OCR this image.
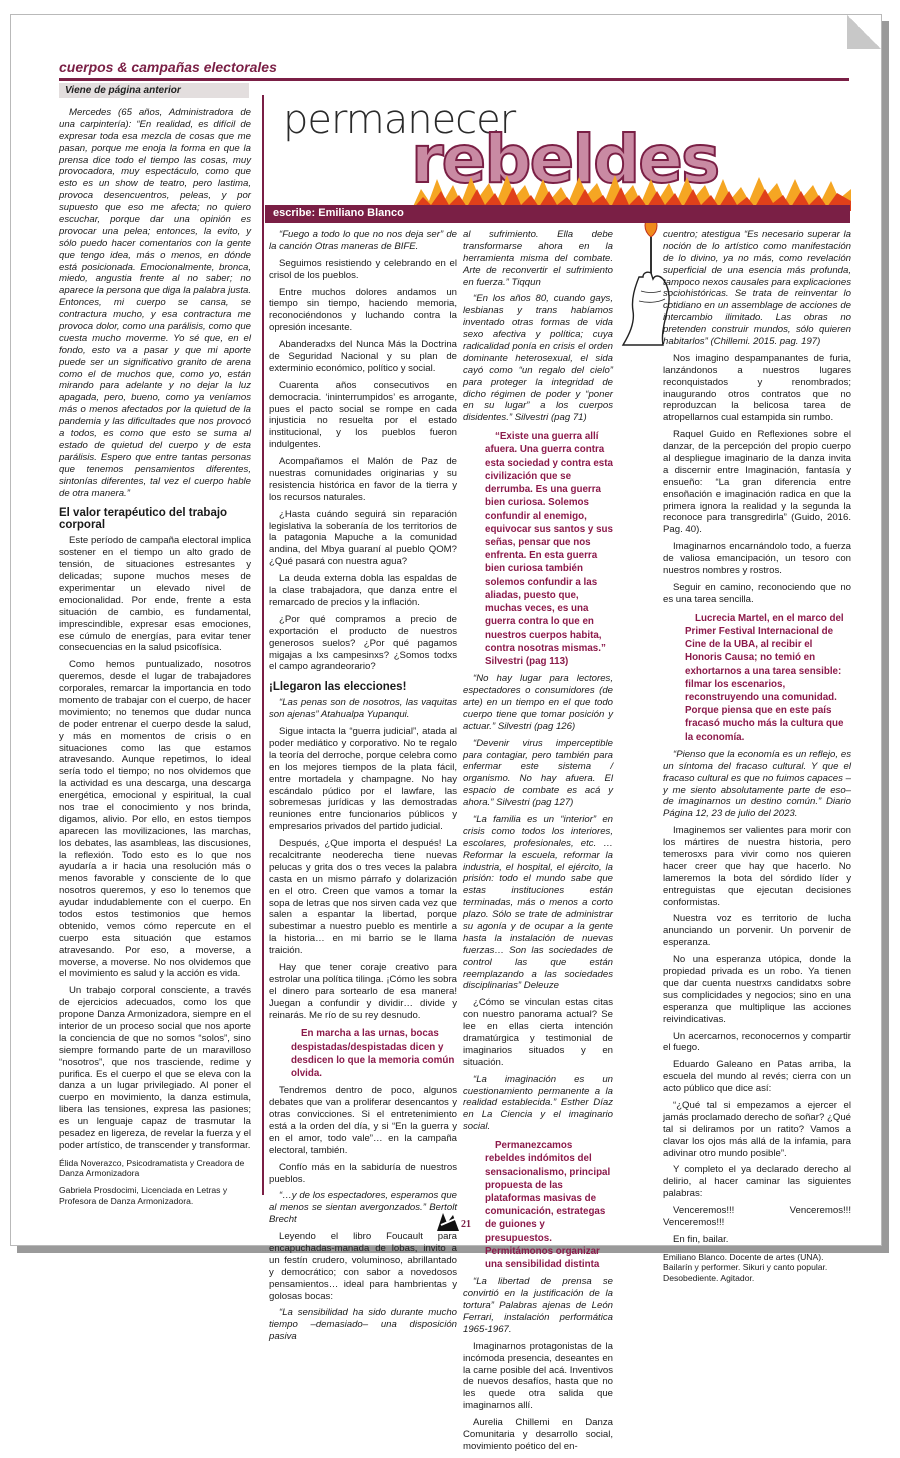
cuerpos & campañas electorales
Viene de página anterior
permanecer
rebeldes
escribe: Emiliano Blanco

Mercedes (65 años, Administradora de una carpintería): “En realidad, es difícil de expresar toda esa mezcla de cosas que me pasan, porque me enoja la forma en que la prensa dice todo el tiempo las cosas, muy provocadora, muy espectáculo, como que esto es un show de teatro, pero lastima, provoca desencuentros, peleas, y por supuesto que eso me afecta; no quiero escuchar, porque dar una opinión es provocar una pelea; entonces, la evito, y sólo puedo hacer comentarios con la gente que tengo idea, más o menos, en dónde está posicionada. Emocionalmente, bronca, miedo, angustia frente al no saber; no aparece la persona que diga la palabra justa. Entonces, mi cuerpo se cansa, se contractura mucho, y esa contractura me provoca dolor, como una parálisis, como que cuesta mucho moverme. Yo sé que, en el fondo, esto va a pasar y que mi aporte puede ser un significativo granito de arena como el de muchos que, como yo, están mirando para adelante y no dejar la luz apagada, pero, bueno, como ya veníamos más o menos afectados por la quietud de la pandemia y las dificultades que nos provocó a todos, es como que esto se suma al estado de quietud del cuerpo y de esta parálisis. Espero que entre tantas personas que tenemos pensamientos diferentes, sintonías diferentes, tal vez el cuerpo hable de otra manera.”

El valor terapéutico del trabajo corporal

Este período de campaña electoral implica sostener en el tiempo un alto grado de tensión, de situaciones estresantes y delicadas; supone muchos meses de experimentar un elevado nivel de emocionalidad. Por ende, frente a esta situación de cambio, es fundamental, imprescindible, expresar esas emociones, ese cúmulo de energías, para evitar tener consecuencias en la salud psicofísica.

Como hemos puntualizado, nosotros queremos, desde el lugar de trabajadores corporales, remarcar la importancia en todo momento de trabajar con el cuerpo, de hacer movimiento; no tenemos que dudar nunca de poder entrenar el cuerpo desde la salud, y más en momentos de crisis o en situaciones como las que estamos atravesando. Aunque repetimos, lo ideal sería todo el tiempo; no nos olvidemos que la actividad es una descarga, una descarga energética, emocional y espiritual, la cual nos trae el conocimiento y nos brinda, digamos, alivio. Por ello, en estos tiempos aparecen las movilizaciones, las marchas, los debates, las asambleas, las discusiones, la reflexión. Todo esto es lo que nos ayudaría a ir hacia una resolución más o menos favorable y consciente de lo que nosotros queremos, y eso lo tenemos que ayudar indudablemente con el cuerpo. En todos estos testimonios que hemos obtenido, vemos cómo repercute en el cuerpo esta situación que estamos atravesando. Por eso, a moverse, a moverse, a moverse. No nos olvidemos que el movimiento es salud y la acción es vida.

Un trabajo corporal consciente, a través de ejercicios adecuados, como los que propone Danza Armonizadora, siempre en el interior de un proceso social que nos aporte la conciencia de que no somos “solos”, sino siempre formando parte de un maravilloso “nosotros”, que nos trasciende, redime y purifica. Es el cuerpo el que se eleva con la danza a un lugar privilegiado. Al poner el cuerpo en movimiento, la danza estimula, libera las tensiones, expresa las pasiones; es un lenguaje capaz de trasmutar la pesadez en ligereza, de revelar la fuerza y el poder artístico, de transcender y transformar.

Élida Noverazco, Psicodramatista y Creadora de Danza Armonizadora

Gabriela Prosdocimi, Licenciada en Letras y Profesora de Danza Armonizadora.

“Fuego a todo lo que no nos deja ser” de la canción Otras maneras de BIFE.

Seguimos resistiendo y celebrando en el crisol de los pueblos.

Entre muchos dolores andamos un tiempo sin tiempo, haciendo memoria, reconociéndonos y luchando contra la opresión incesante.

Abanderadxs del Nunca Más la Doctrina de Seguridad Nacional y su plan de exterminio económico, político y social.

Cuarenta años consecutivos en democracia. ‘ininterrumpidos’ es arrogante, pues el pacto social se rompe en cada injusticia no resuelta por el estado institucional, y los pueblos fueron indulgentes.

Acompañamos el Malón de Paz de nuestras comunidades originarias y su resistencia histórica en favor de la tierra y los recursos naturales.

¿Hasta cuándo seguirá sin reparación legislativa la soberanía de los territorios de la patagonia Mapuche a la comunidad andina, del Mbya guaraní al pueblo QOM? ¿Qué pasará con nuestra agua?

La deuda externa dobla las espaldas de la clase trabajadora, que danza entre el remarcado de precios y la inflación.

¿Por qué compramos a precio de exportación el producto de nuestros generosos suelos? ¿Por qué pagamos migajas a lxs campesinxs? ¿Somos todxs el campo agrandeorario?

¡Llegaron las elecciones!

“Las penas son de nosotros, las vaquitas son ajenas” Atahualpa Yupanqui.

Sigue intacta la “guerra judicial”, atada al poder mediático y corporativo. No te regalo la teoría del derroche, porque celebra como en los mejores tiempos de la plata fácil, entre mortadela y champagne. No hay escándalo púdico por el lawfare, las sobremesas jurídicas y las demostradas reuniones entre funcionarios públicos y empresarios privados del partido judicial.

Después, ¿Que importa el después! La recalcitrante neoderecha tiene nuevas pelucas y grita dos o tres veces la palabra casta en un mismo párrafo y dolarización en el otro. Creen que vamos a tomar la sopa de letras que nos sirven cada vez que salen a espantar la libertad, porque subestimar a nuestro pueblo es mentirle a la historia… en mi barrio se le llama traición.

Hay que tener coraje creativo para estrolar una política tilinga. ¡Cómo les sobra el dinero para sortearlo de esa manera! Juegan a confundir y dividir… divide y reinarás. Me río de su rey desnudo.

En marcha a las urnas, bocas despistadas/despistadas dicen y desdicen lo que la memoria común olvida.

Tendremos dentro de poco, algunos debates que van a proliferar desencantos y otras convicciones. Si el entretenimiento está a la orden del día, y si “En la guerra y en el amor, todo vale”… en la campaña electoral, también.

Confío más en la sabiduría de nuestros pueblos.

“…y de los espectadores, esperamos que al menos se sientan avergonzados.” Bertolt Brecht

Leyendo el libro Foucault para encapuchadas-manada de lobas, invito a un festín crudero, voluminoso, abrillantado y democrático; con sabor a novedosos pensamientos… ideal para hambrientas y golosas bocas:

“La sensibilidad ha sido durante mucho tiempo –demasiado– una disposición pasiva

al sufrimiento. Ella debe transformarse ahora en la herramienta misma del combate. Arte de reconvertir el sufrimiento en fuerza.” Tiqqun

“En los años 80, cuando gays, lesbianas y trans habíamos inventado otras formas de vida sexo afectiva y política; cuya radicalidad ponía en crisis el orden dominante heterosexual, el sida cayó como “un regalo del cielo” para proteger la integridad de dicho régimen de poder y “poner en su lugar” a los cuerpos disidentes.” Silvestri (pag 71)

“Existe una guerra allí afuera. Una guerra contra esta sociedad y contra esta civilización que se derrumba. Es una guerra bien curiosa. Solemos confundir al enemigo, equivocar sus santos y sus señas, pensar que nos enfrenta. En esta guerra bien curiosa también solemos confundir a las aliadas, puesto que, muchas veces, es una guerra contra lo que en nuestros cuerpos habita, contra nosotras mismas.” Silvestri (pag 113)

“No hay lugar para lectores, espectadores o consumidores (de arte) en un tiempo en el que todo cuerpo tiene que tomar posición y actuar.” Silvestri (pag 126)

“Devenir virus imperceptible para contagiar, pero también para enfermar este sistema / organismo. No hay afuera. El espacio de combate es acá y ahora.” Silvestri (pag 127)

“La familia es un “interior” en crisis como todos los interiores, escolares, profesionales, etc. … Reformar la escuela, reformar la industria, el hospital, el ejército, la prisión: todo el mundo sabe que estas instituciones están terminadas, más o menos a corto plazo. Sólo se trate de administrar su agonía y de ocupar a la gente hasta la instalación de nuevas fuerzas… Son las sociedades de control las que están reemplazando a las sociedades disciplinarias” Deleuze

¿Cómo se vinculan estas citas con nuestro panorama actual? Se lee en ellas cierta intención dramatúrgica y testimonial de imaginarios situados y en situación.

“La imaginación es un cuestionamiento permanente a la realidad establecida.” Esther Díaz en La Ciencia y el imaginario social.

Permanezcamos rebeldes indómitos del sensacionalismo, principal propuesta de las plataformas masivas de comunicación, estrategas de guiones y presupuestos. Permitámonos organizar una sensibilidad distinta

“La libertad de prensa se convirtió en la justificación de la tortura” Palabras ajenas de León Ferrari, instalación performática 1965-1967.

Imaginarnos protagonistas de la incómoda presencia, deseantes en la carne posible del acá. Inventivos de nuevos desafíos, hasta que no les quede otra salida que imaginarnos allí.

Aurelia Chillemi en Danza Comunitaria y desarrollo social, movimiento poético del en-

cuentro; atestigua “Es necesario superar la noción de lo artístico como manifestación de lo divino, ya no más, como revelación superficial de una esencia más profunda, tampoco nexos causales para explicaciones sociohistóricas. Se trata de reinventar lo cotidiano en un assemblage de acciones de intercambio ilimitado. Las obras no pretenden construir mundos, sólo quieren habitarlos” (Chillemi. 2015. pag. 197)

Nos imagino despampanantes de furia, lanzándonos a nuestros lugares reconquistados y renombrados; inaugurando otros contratos que no reproduzcan la belicosa tarea de atropellarnos cual estampida sin rumbo.

Raquel Guido en Reflexiones sobre el danzar, de la percepción del propio cuerpo al despliegue imaginario de la danza invita a discernir entre Imaginación, fantasía y ensueño: “La gran diferencia entre ensoñación e imaginación radica en que la primera ignora la realidad y la segunda la reconoce para transgredirla” (Guido, 2016. Pag. 40).

Imaginarnos encarnándolo todo, a fuerza de valiosa emancipación, un tesoro con nuestros nombres y rostros.

Seguir en camino, reconociendo que no es una tarea sencilla.

Lucrecia Martel, en el marco del Primer Festival Internacional de Cine de la UBA, al recibir el Honoris Causa; no temió en exhortarnos a una tarea sensible: filmar los escenarios, reconstruyendo una comunidad. Porque piensa que en este país fracasó mucho más la cultura que la economía.

“Pienso que la economía es un reflejo, es un síntoma del fracaso cultural. Y que el fracaso cultural es que no fuimos capaces – y me siento absolutamente parte de eso– de imaginarnos un destino común.” Diario Página 12, 23 de julio del 2023.

Imaginemos ser valientes para morir con los mártires de nuestra historia, pero temerosxs para vivir como nos quieren hacer creer que hay que hacerlo. No lameremos la bota del sórdido líder y entreguistas que ejecutan decisiones conformistas.

Nuestra voz es territorio de lucha anunciando un porvenir. Un porvenir de esperanza.

No una esperanza utópica, donde la propiedad privada es un robo. Ya tienen que dar cuenta nuestrxs candidatxs sobre sus complicidades y negocios; sino en una esperanza que multiplique las acciones reivindicativas.

Un acercarnos, reconocernos y compartir el fuego.

Eduardo Galeano en Patas arriba, la escuela del mundo al revés; cierra con un acto público que dice así:

“¿Qué tal si empezamos a ejercer el jamás proclamado derecho de soñar? ¿Qué tal si deliramos por un ratito? Vamos a clavar los ojos más allá de la infamia, para adivinar otro mundo posible”.

Y completo el ya declarado derecho al delirio, al hacer caminar las siguientes palabras:

Venceremos!!! Venceremos!!! Venceremos!!!

En fin, bailar.

Emiliano Blanco. Docente de artes (UNA). Bailarín y performer. Sikuri y canto popular. Desobediente. Agitador.

21
